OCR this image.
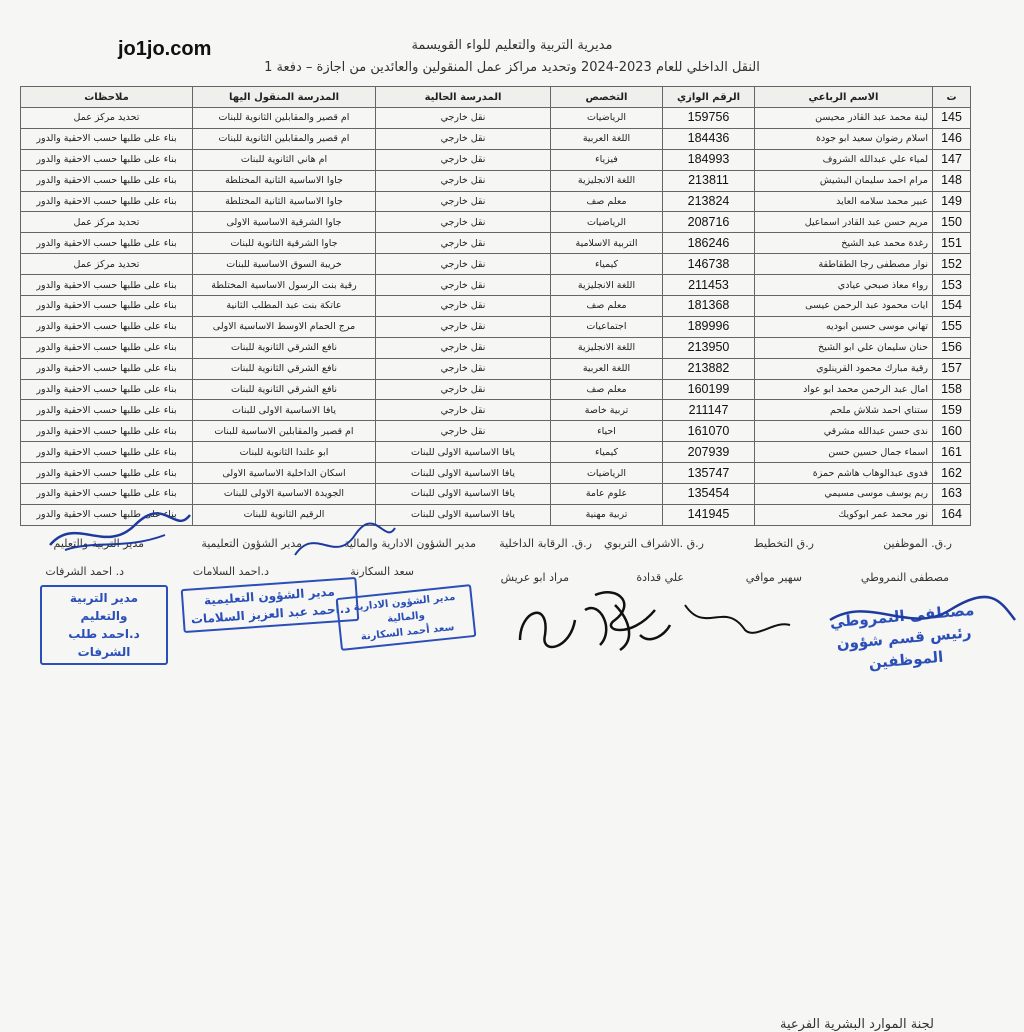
jo1jo.com	مديرية التربية والتعليم للواء القويسمة
النقل الداخلي للعام 2023-2024 وتحديد مراكز عمل المنقولين والعائدين من اجازة – دفعة 1
ت	الاسم الرباعي	الرقم الوازي	التخصص	المدرسة الحالية	المدرسة المنقول اليها	ملاحظات
145	لينة محمد عبد القادر محيسن	159756	الرياضيات	نقل خارجي	ام قصير والمقابلين الثانوية للبنات	تحديد مركز عمل
146	اسلام رضوان سعيد ابو جودة	184436	اللغة العربية	نقل خارجي	ام قصير والمقابلين الثانوية للبنات	بناء على طلبها حسب الاحقية والدور
147	لمياء علي عبدالله الشروف	184993	فيزياء	نقل خارجي	ام هاني الثانوية للبنات	بناء على طلبها حسب الاحقية والدور
148	مرام احمد سليمان البشيش	213811	اللغة الانجليزية	نقل خارجي	جاوا الاساسية الثانية المختلطة	بناء على طلبها حسب الاحقية والدور
149	عبير محمد سلامه العايد	213824	معلم صف	نقل خارجي	جاوا الاساسية الثانية المختلطة	بناء على طلبها حسب الاحقية والدور
150	مريم حسن عبد القادر اسماعيل	208716	الرياضيات	نقل خارجي	جاوا الشرقية الاساسية الاولى	تحديد مركز عمل
151	رغدة محمد عبد الشيخ	186246	التربية الاسلامية	نقل خارجي	جاوا الشرقية الثانوية للبنات	بناء على طلبها حسب الاحقية والدور
152	نوار مصطفى رجا الطقاطقة	146738	كيمياء	نقل خارجي	خريبة السوق الاساسية للبنات	تحديد مركز عمل
153	رواء معاذ صبحي عيادي	211453	اللغة الانجليزية	نقل خارجي	رقية بنت الرسول الاساسية المختلطة	بناء على طلبها حسب الاحقية والدور
154	ايات محمود عبد الرحمن عيسى	181368	معلم صف	نقل خارجي	عاتكة بنت عبد المطلب الثانية	بناء على طلبها حسب الاحقية والدور
155	تهاني موسى حسين ابوديه	189996	اجتماعيات	نقل خارجي	مرج الحمام الاوسط الاساسية الاولى	بناء على طلبها حسب الاحقية والدور
156	حنان سليمان علي ابو الشيخ	213950	اللغة الانجليزية	نقل خارجي	نافع الشرقي الثانوية للبنات	بناء على طلبها حسب الاحقية والدور
157	رقية مبارك محمود القرينلوي	213882	اللغة العربية	نقل خارجي	نافع الشرقي الثانوية للبنات	بناء على طلبها حسب الاحقية والدور
158	امال عبد الرحمن محمد ابو عواد	160199	معلم صف	نقل خارجي	نافع الشرقي الثانوية للبنات	بناء على طلبها حسب الاحقية والدور
159	ستناي احمد شلاش ملحم	211147	تربية خاصة	نقل خارجي	يافا الاساسية الاولى للبنات	بناء على طلبها حسب الاحقية والدور
160	ندى حسن عبدالله مشرقي	161070	احياء	نقل خارجي	ام قصير والمقابلين الاساسية للبنات	بناء على طلبها حسب الاحقية والدور
161	اسماء جمال حسين حسن	207939	كيمياء	يافا الاساسية الاولى للبنات	ابو علندا الثانوية للبنات	بناء على طلبها حسب الاحقية والدور
162	فدوى عبدالوهاب هاشم حمزة	135747	الرياضيات	يافا الاساسية الاولى للبنات	اسكان الداخلية الاساسية الاولى	بناء على طلبها حسب الاحقية والدور
163	ريم يوسف موسى مسيمي	135454	علوم عامة	يافا الاساسية الاولى للبنات	الجويدة الاساسية الاولى للبنات	بناء على طلبها حسب الاحقية والدور
164	نور محمد عمر ابوكويك	141945	تربية مهنية	يافا الاساسية الاولى للبنات	الرقيم الثانوية للبنات	بناء على طلبها حسب الاحقية والدور
لجنة الموارد البشرية الفرعية
ر.ق. الموظفين
ر.ق التخطيط
ر.ق .الاشراف التربوي
ر.ق. الرقابة الداخلية
مدير الشؤون الادارية والمالية
مدير الشؤون التعليمية
مدير التربية والتعليم
مصطفى النمروطي
سهير موافي
علي قدادة
مراد ابو عريش
سعد السكارنة
د.احمد السلامات
د. احمد الشرفات
مدير التربية والتعليم
د.احمد طلب الشرفات
مدير الشؤون التعليمية
د.أحمد عبد العزيز السلامات مدير الشؤون الادارية والمالية
سعد أحمد السكارنة
مصطفى النمروطي
رئيس قسم شؤون الموظفين
